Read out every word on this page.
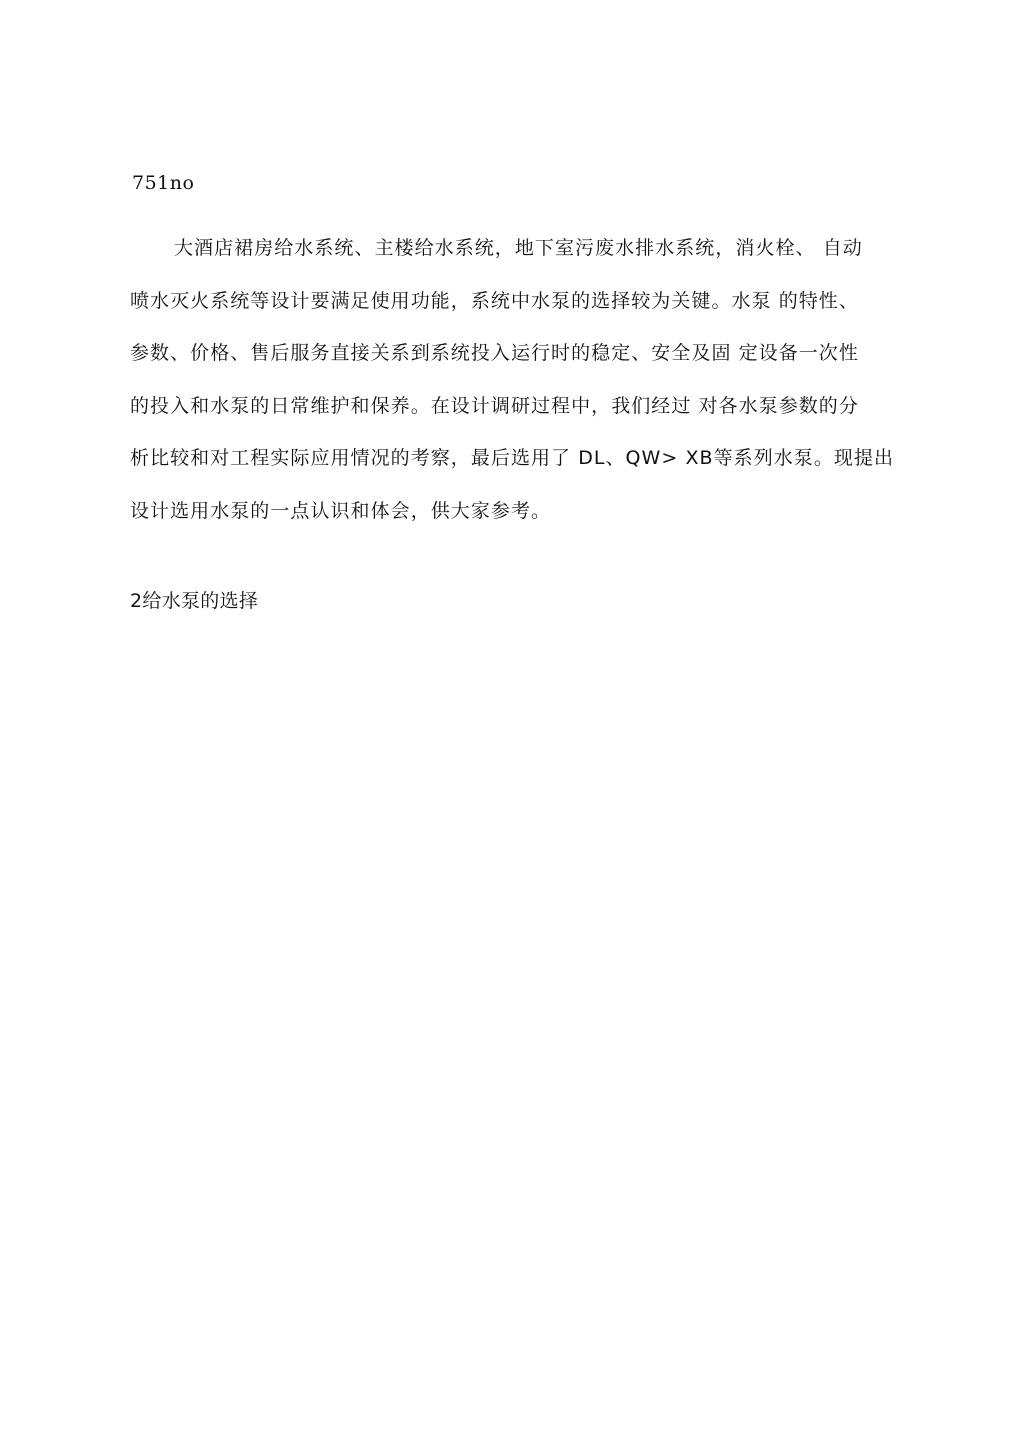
751no
大酒店裙房给水系统、主楼给水系统，地下室污废水排水系统，消火栓、 自动
喷水灭火系统等设计要满足使用功能，系统中水泵的选择较为关键。水泵 的特性、
参数、价格、售后服务直接关系到系统投入运行时的稳定、安全及固 定设备一次性
的投入和水泵的日常维护和保养。在设计调研过程中，我们经过 对各水泵参数的分
析比较和对工程实际应用情况的考察，最后选用了 DL、QW> XB等系列水泵。现提出
设计选用水泵的一点认识和体会，供大家参考。
2给水泵的选择
